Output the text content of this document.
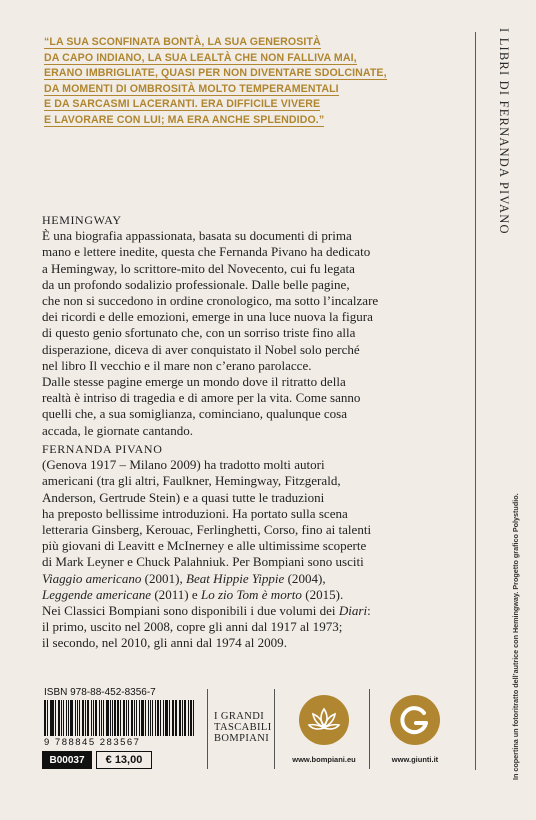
“LA SUA SCONFINATA BONTÀ, LA SUA GENEROSITÀ
DA CAPO INDIANO, LA SUA LEALTÀ CHE NON FALLIVA MAI,
ERANO IMBRIGLIATE, QUASI PER NON DIVENTARE SDOLCINATE,
DA MOMENTI DI OMBROSITÀ MOLTO TEMPERAMENTALI
E DA SARCASMI LACERANTI. ERA DIFFICILE VIVERE
E LAVORARE CON LUI; MA ERA ANCHE SPLENDIDO.”	I LIBRI DI FERNANDA PIVANO
In copertina un fotoritratto dell’autrice con Hemingway. Progetto grafico Polystudio.
HEMINGWAY
È una biografia appassionata, basata su documenti di prima
mano e lettere inedite, questa che Fernanda Pivano ha dedicato
a Hemingway, lo scrittore-mito del Novecento, cui fu legata
da un profondo sodalizio professionale. Dalle belle pagine,
che non si succedono in ordine cronologico, ma sotto l’incalzare
dei ricordi e delle emozioni, emerge in una luce nuova la figura
di questo genio sfortunato che, con un sorriso triste fino alla
disperazione, diceva di aver conquistato il Nobel solo perché
nel libro Il vecchio e il mare non c’erano parolacce.
Dalle stesse pagine emerge un mondo dove il ritratto della
realtà è intriso di tragedia e di amore per la vita. Come sanno
quelli che, a sua somiglianza, cominciano, qualunque cosa
accada, le giornate cantando.
FERNANDA PIVANO
(Genova 1917 – Milano 2009) ha tradotto molti autori
americani (tra gli altri, Faulkner, Hemingway, Fitzgerald,
Anderson, Gertrude Stein) e a quasi tutte le traduzioni
ha preposto bellissime introduzioni. Ha portato sulla scena
letteraria Ginsberg, Kerouac, Ferlinghetti, Corso, fino ai talenti
più giovani di Leavitt e McInerney e alle ultimissime scoperte
di Mark Leyner e Chuck Palahniuk. Per Bompiani sono usciti
Viaggio americano (2001), Beat Hippie Yippie (2004),
Leggende americane (2011) e Lo zio Tom è morto (2015).
Nei Classici Bompiani sono disponibili i due volumi dei Diari:
il primo, uscito nel 2008, copre gli anni dal 1917 al 1973;
il secondo, nel 2010, gli anni dal 1974 al 2009.
ISBN 978-88-452-8356-7
9 788845 283567
B00037	€ 13,00
I GRANDI
TASCABILI
BOMPIANI
www.bompiani.eu	www.giunti.it
